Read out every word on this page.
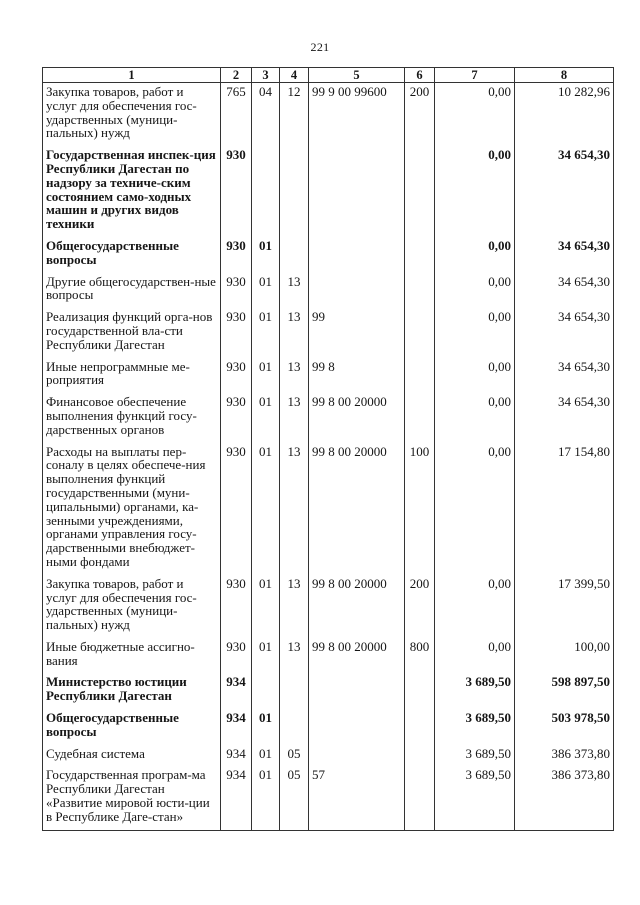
221
1	2	3	4	5	6	7	8
Закупка товаров, работ и услуг для обеспечения гос-ударственных (муници-пальных) нужд	765	04	12	99 9 00 99600	200	0,00	10 282,96
Государственная инспек-ция Республики Дагестан по надзору за техниче-ским состоянием само-ходных машин и других видов техники	930					0,00	34 654,30
Общегосударственные вопросы	930	01				0,00	34 654,30
Другие общегосударствен-ные вопросы	930	01	13			0,00	34 654,30
Реализация функций орга-нов государственной вла-сти Республики Дагестан	930	01	13	99		0,00	34 654,30
Иные непрограммные ме-роприятия	930	01	13	99 8		0,00	34 654,30
Финансовое обеспечение выполнения функций госу-дарственных органов	930	01	13	99 8 00 20000		0,00	34 654,30
Расходы на выплаты пер-соналу в целях обеспече-ния выполнения функций государственными (муни-ципальными) органами, ка-зенными учреждениями, органами управления госу-дарственными внебюджет-ными фондами	930	01	13	99 8 00 20000	100	0,00	17 154,80
Закупка товаров, работ и услуг для обеспечения гос-ударственных (муници-пальных) нужд	930	01	13	99 8 00 20000	200	0,00	17 399,50
Иные бюджетные ассигно-вания	930	01	13	99 8 00 20000	800	0,00	100,00
Министерство юстиции Республики Дагестан	934					3 689,50	598 897,50
Общегосударственные вопросы	934	01				3 689,50	503 978,50
Судебная система	934	01	05			3 689,50	386 373,80
Государственная програм-ма Республики Дагестан «Развитие мировой юсти-ции в Республике Даге-стан»	934	01	05	57		3 689,50	386 373,80
